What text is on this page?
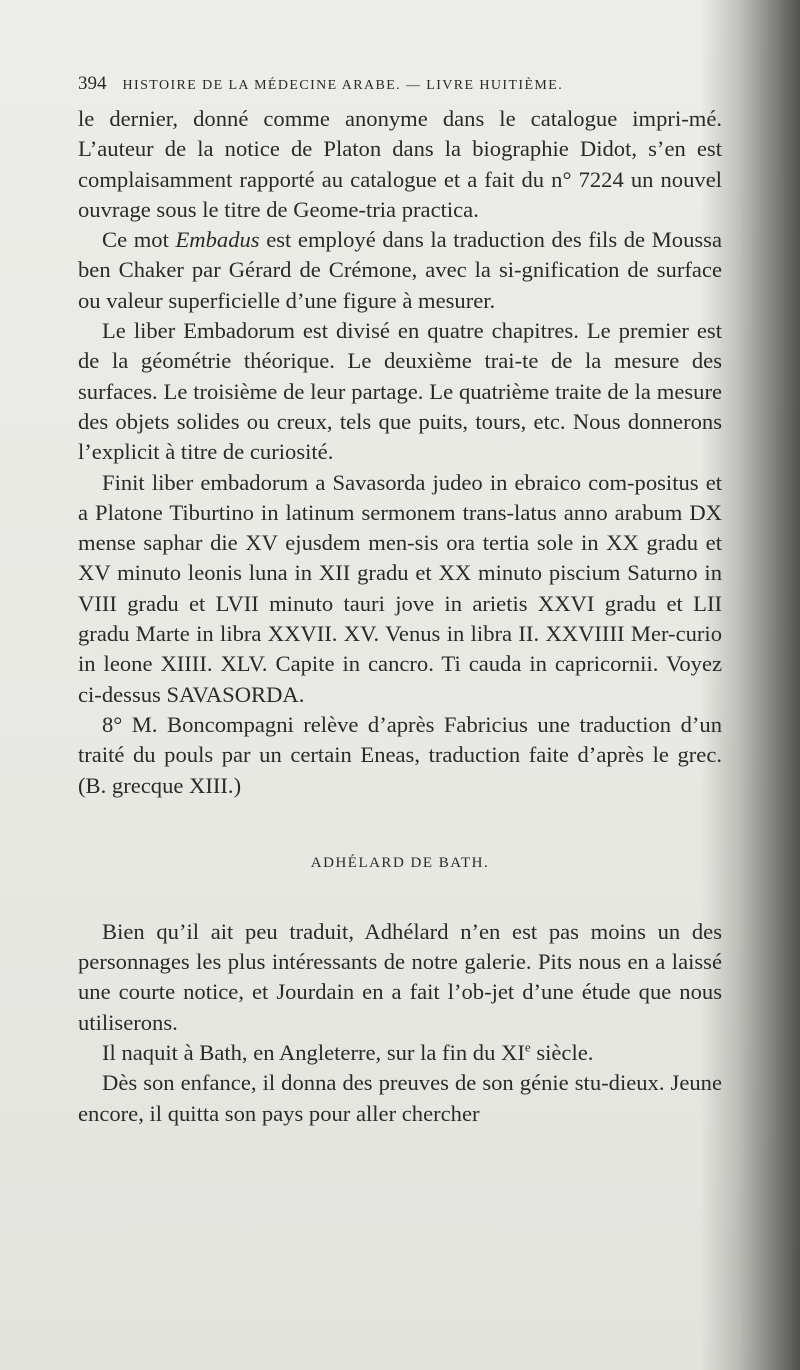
394 HISTOIRE DE LA MÉDECINE ARABE. — LIVRE HUITIÈME.

le dernier, donné comme anonyme dans le catalogue impri-mé. L’auteur de la notice de Platon dans la biographie Didot, s’en est complaisamment rapporté au catalogue et a fait du n° 7224 un nouvel ouvrage sous le titre de Geome-tria practica.

Ce mot Embadus est employé dans la traduction des fils de Moussa ben Chaker par Gérard de Crémone, avec la si-gnification de surface ou valeur superficielle d’une figure à mesurer.

Le liber Embadorum est divisé en quatre chapitres. Le premier est de la géométrie théorique. Le deuxième trai-te de la mesure des surfaces. Le troisième de leur partage. Le quatrième traite de la mesure des objets solides ou creux, tels que puits, tours, etc. Nous donnerons l’explicit à titre de curiosité.

Finit liber embadorum a Savasorda judeo in ebraico com-positus et a Platone Tiburtino in latinum sermonem trans-latus anno arabum DX mense saphar die XV ejusdem men-sis ora tertia sole in XX gradu et XV minuto leonis luna in XII gradu et XX minuto piscium Saturno in VIII gradu et LVII minuto tauri jove in arietis XXVI gradu et LII gradu Marte in libra XXVII. XV. Venus in libra II. XXVIIII Mer-curio in leone XIIII. XLV. Capite in cancro. Ti cauda in capricornii. Voyez ci-dessus SAVASORDA.

8° M. Boncompagni relève d’après Fabricius une traduction d’un traité du pouls par un certain Eneas, traduction faite d’après le grec. (B. grecque XIII.)

ADHÉLARD DE BATH.

Bien qu’il ait peu traduit, Adhélard n’en est pas moins un des personnages les plus intéressants de notre galerie. Pits nous en a laissé une courte notice, et Jourdain en a fait l’ob-jet d’une étude que nous utiliserons.

Il naquit à Bath, en Angleterre, sur la fin du XIe siècle.

Dès son enfance, il donna des preuves de son génie stu-dieux. Jeune encore, il quitta son pays pour aller chercher
